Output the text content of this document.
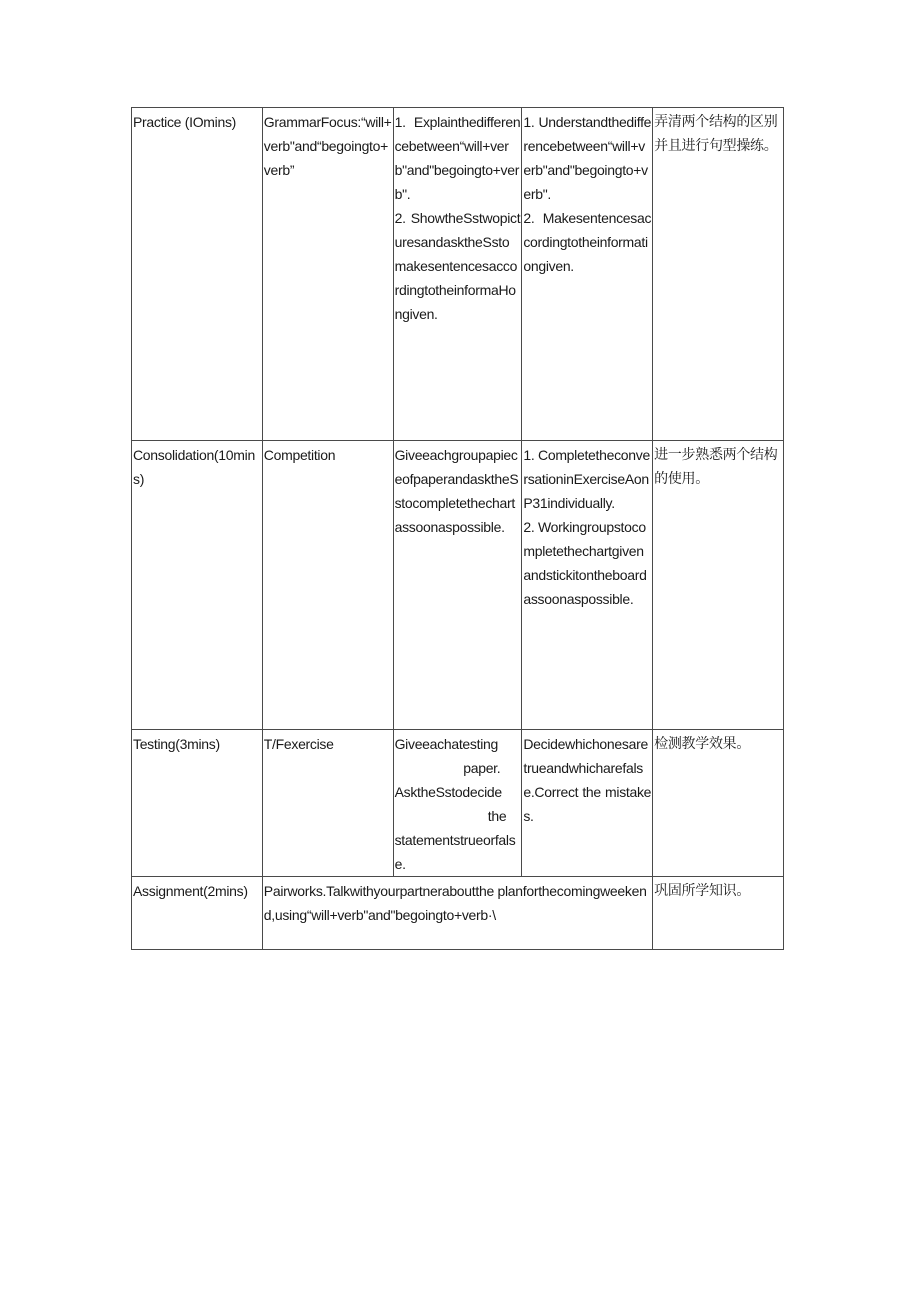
Practice (IOmins)	GrammarFocus:“will+verb"and“begoingto+verb”	1. Explainthedifferencebetween“will+verb"and"begoingto+verb".
2. ShowtheSstwopicturesandasktheSstomakesentencesaccordingtotheinformaHongiven.	1. Understandthedifferencebetween“will+verb"and"begoingto+verb".
2. Makesentencesaccordingtotheinformationgiven.	弄清两个结构的区别并且进行句型操练。
Consolidation(10mins)	Competition	GiveeachgroupapieceofpaperandasktheSstocompletethechartassoonaspossible.	1. CompletetheconversationinExerciseAonP31individually.
2. Workingroupstocompletethechartgivenandstickitontheboardassoonaspossible.	进一步熟悉两个结构的使用。
Testing(3mins)	T/Fexercise	Giveeachatesting
paper.
AsktheSstodecide
the
statementstrueorfalse.	Decidewhichonesaretrueandwhicharefalse.Correct the mistakes.	检测教学效果。
Assignment(2mins)	Pairworks.Talkwithyourpartneraboutthe planforthecomingweekend,using“will+verb"and"begoingto+verb·\			巩固所学知识。
